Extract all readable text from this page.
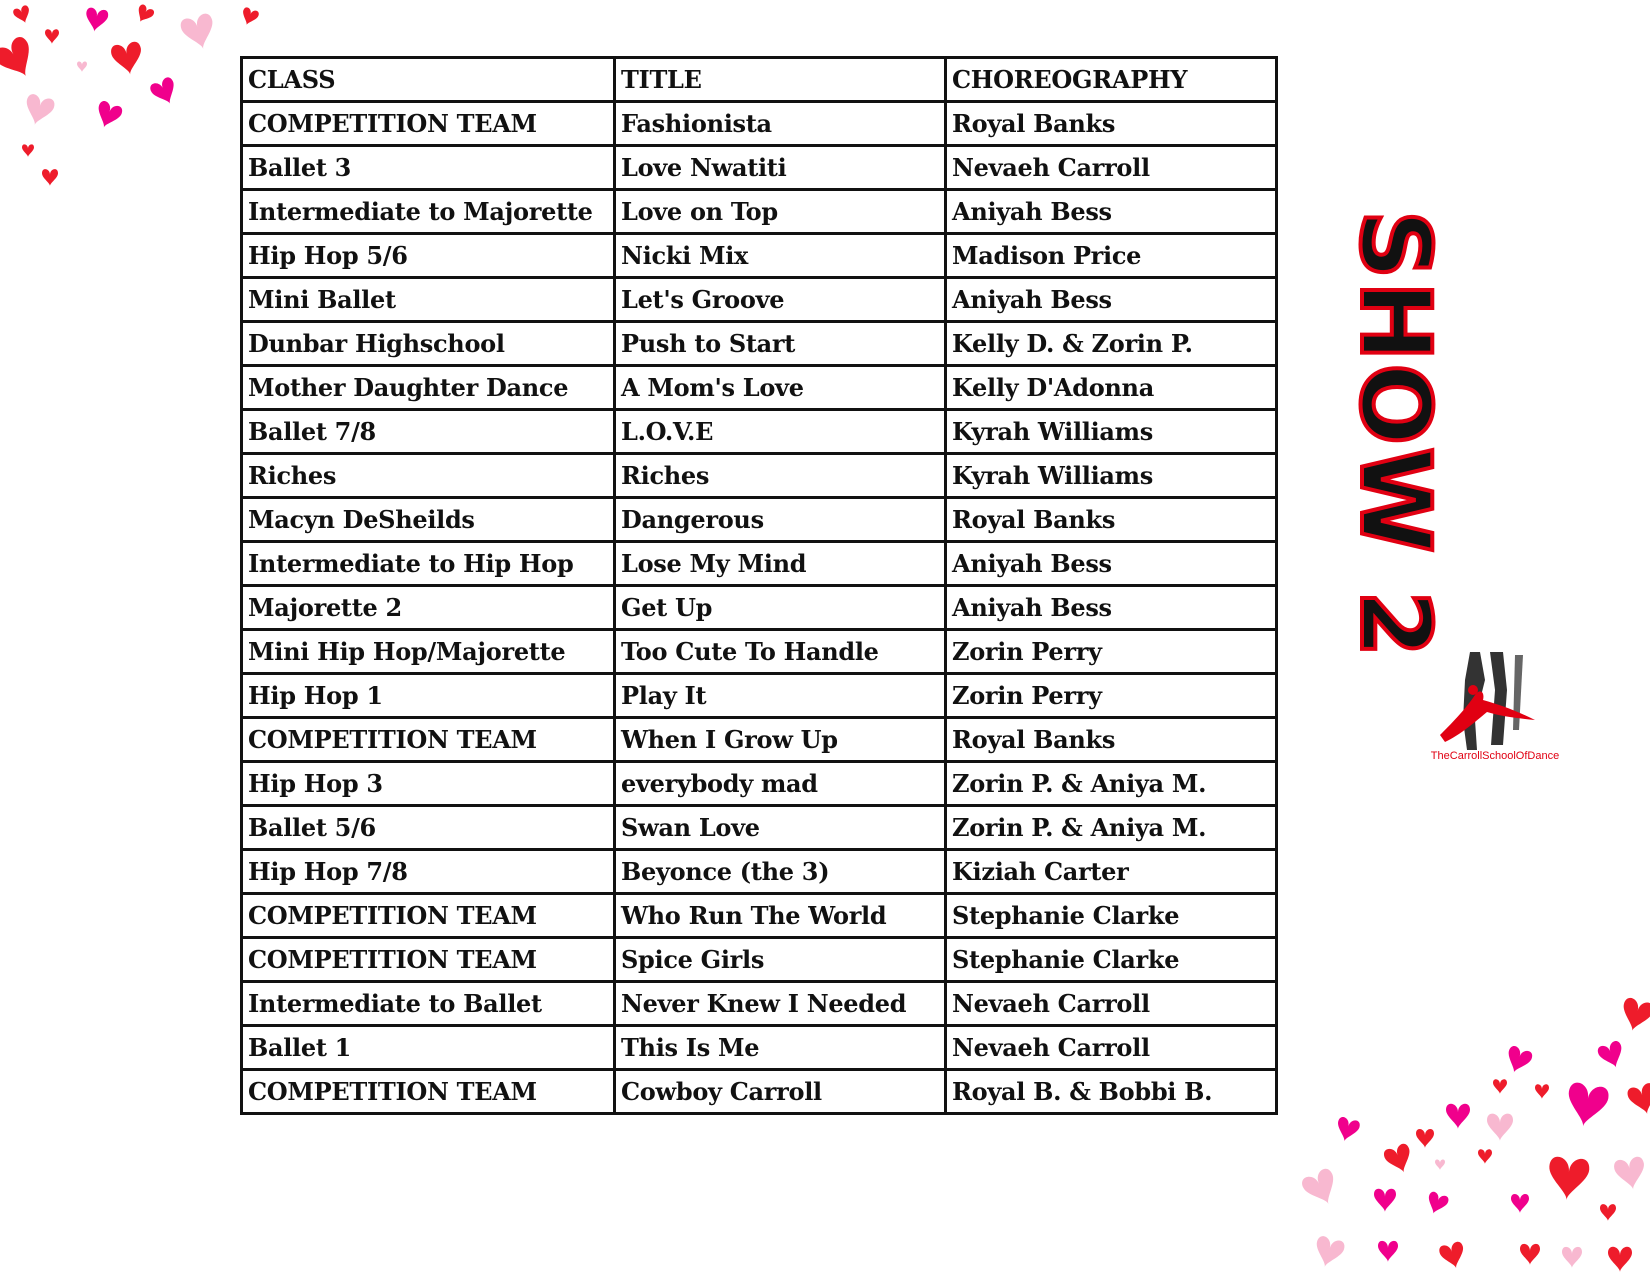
CLASS	TITLE	CHOREOGRAPHY
COMPETITION TEAM	Fashionista	Royal Banks
Ballet 3	Love Nwatiti	Nevaeh Carroll
Intermediate to Majorette	Love on Top	Aniyah Bess
Hip Hop 5/6	Nicki Mix	Madison Price
Mini Ballet	Let's Groove	Aniyah Bess
Dunbar Highschool	Push to Start	Kelly D. & Zorin P.
Mother Daughter Dance	A Mom's Love	Kelly D'Adonna
Ballet 7/8	L.O.V.E	Kyrah Williams
Riches	Riches	Kyrah Williams
Macyn DeSheilds	Dangerous	Royal Banks
Intermediate to Hip Hop	Lose My Mind	Aniyah Bess
Majorette 2	Get Up	Aniyah Bess
Mini Hip Hop/Majorette	Too Cute To Handle	Zorin Perry
Hip Hop 1	Play It	Zorin Perry
COMPETITION TEAM	When I Grow Up	Royal Banks
Hip Hop 3	everybody mad	Zorin P. & Aniya M.
Ballet 5/6	Swan Love	Zorin P. & Aniya M.
Hip Hop 7/8	Beyonce (the 3)	Kiziah Carter
COMPETITION TEAM	Who Run The World	Stephanie Clarke
COMPETITION TEAM	Spice Girls	Stephanie Clarke
Intermediate to Ballet	Never Knew I Needed	Nevaeh Carroll
Ballet 1	This Is Me	Nevaeh Carroll
COMPETITION TEAM	Cowboy Carroll	Royal B. & Bobbi B.
SHOW 2
TheCarrollSchoolOfDance
